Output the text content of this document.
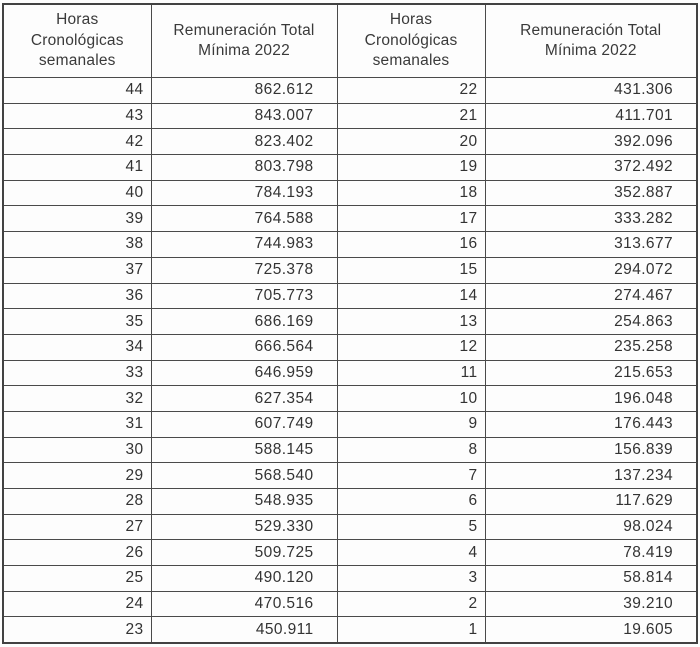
Horas Cronológicas semanales	Remuneración Total Mínima 2022	Horas Cronológicas semanales	Remuneración Total Mínima 2022
44	862.612	22	431.306
43	843.007	21	411.701
42	823.402	20	392.096
41	803.798	19	372.492
40	784.193	18	352.887
39	764.588	17	333.282
38	744.983	16	313.677
37	725.378	15	294.072
36	705.773	14	274.467
35	686.169	13	254.863
34	666.564	12	235.258
33	646.959	11	215.653
32	627.354	10	196.048
31	607.749	9	176.443
30	588.145	8	156.839
29	568.540	7	137.234
28	548.935	6	117.629
27	529.330	5	98.024
26	509.725	4	78.419
25	490.120	3	58.814
24	470.516	2	39.210
23	450.911	1	19.605
